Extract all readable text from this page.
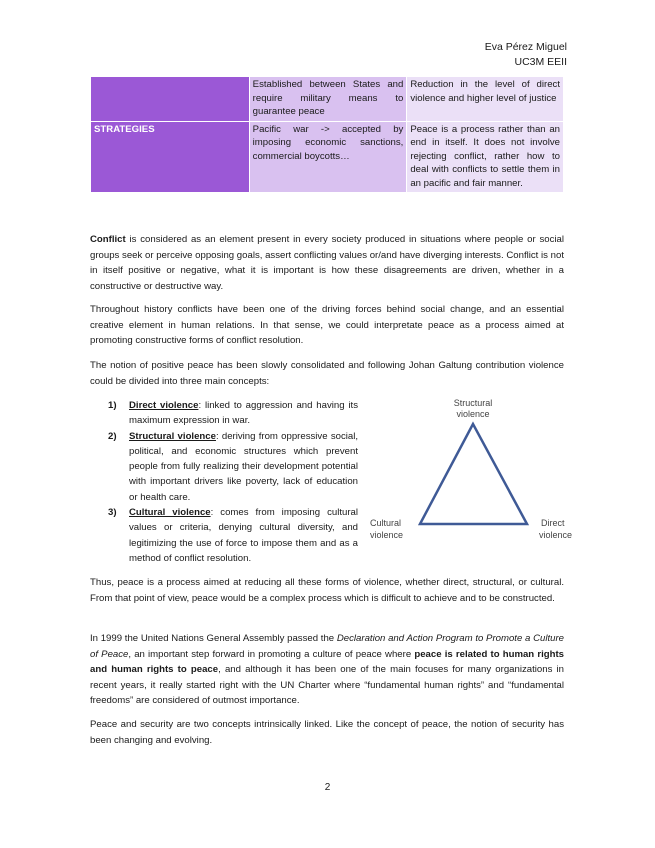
Eva Pérez Miguel
UC3M EEII
	Established between States and require military means to guarantee peace	Reduction in the level of direct violence and higher level of justice
STRATEGIES	Pacific war -> accepted by imposing economic sanctions, commercial boycotts…	Peace is a process rather than an end in itself. It does not involve rejecting conflict, rather how to deal with conflicts to settle them in an pacific and fair manner.

Conflict is considered as an element present in every society produced in situations where people or social groups seek or perceive opposing goals, assert conflicting values or/and have diverging interests. Conflict is not in itself positive or negative, what it is important is how these disagreements are driven, whether in a constructive or destructive way.

Throughout history conflicts have been one of the driving forces behind social change, and an essential creative element in human relations. In that sense, we could interpretate peace as a process aimed at promoting constructive forms of conflict resolution.

The notion of positive peace has been slowly consolidated and following Johan Galtung contribution violence could be divided into three main concepts:

1) Direct violence: linked to aggression and having its maximum expression in war.
2) Structural violence: deriving from oppressive social, political, and economic structures which prevent people from fully realizing their development potential with important drivers like poverty, lack of education or health care.
3) Cultural violence: comes from imposing cultural values or criteria, denying cultural diversity, and legitimizing the use of force to impose them and as a method of conflict resolution.
Structural
violence
Cultural
violence
Direct
violence

Thus, peace is a process aimed at reducing all these forms of violence, whether direct, structural, or cultural. From that point of view, peace would be a complex process which is difficult to achieve and to be constructed.

In 1999 the United Nations General Assembly passed the Declaration and Action Program to Promote a Culture of Peace, an important step forward in promoting a culture of peace where peace is related to human rights and human rights to peace, and although it has been one of the main focuses for many organizations in recent years, it really started right with the UN Charter where “fundamental human rights” and “fundamental freedoms” are considered of outmost importance.

Peace and security are two concepts intrinsically linked. Like the concept of peace, the notion of security has been changing and evolving.

2
